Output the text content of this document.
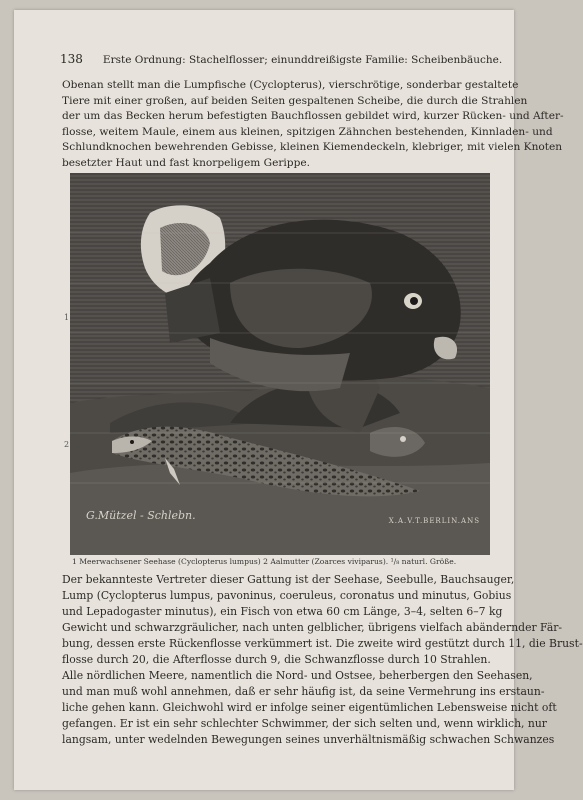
138 Erste Ordnung: Stachelflosser; einunddreißigste Familie: Scheibenbäuche.

Obenan stellt man die Lumpfische (Cyclopterus), vierschrötige, sonderbar gestaltete
Tiere mit einer großen, auf beiden Seiten gespaltenen Scheibe, die durch die Strahlen
der um das Becken herum befestigten Bauchflossen gebildet wird, kurzer Rücken- und After-
flosse, weitem Maule, einem aus kleinen, spitzigen Zähnchen bestehenden, Kinnladen- und
Schlundknochen bewehrenden Gebisse, kleinen Kiemendeckeln, klebriger, mit vielen Knoten
besetzter Haut und fast knorpeligem Gerippe.

1
2
G.Mützel - Schlebn.	X.A.V.T.BERLIN.ANS
1 Meerwachsener Seehase (Cyclopterus lumpus) 2 Aalmutter (Zoarces viviparus). ¹/₈ naturl. Größe.

Der bekannteste Vertreter dieser Gattung ist der Seehase, Seebulle, Bauchsauger,
Lump (Cyclopterus lumpus, pavoninus, coeruleus, coronatus und minutus, Gobius
und Lepadogaster minutus), ein Fisch von etwa 60 cm Länge, 3–4, selten 6–7 kg
Gewicht und schwarzgräulicher, nach unten gelblicher, übrigens vielfach abändernder Fär-
bung, dessen erste Rückenflosse verkümmert ist. Die zweite wird gestützt durch 11, die Brust-
flosse durch 20, die Afterflosse durch 9, die Schwanzflosse durch 10 Strahlen.
Alle nördlichen Meere, namentlich die Nord- und Ostsee, beherbergen den Seehasen,
und man muß wohl annehmen, daß er sehr häufig ist, da seine Vermehrung ins erstaun-
liche gehen kann. Gleichwohl wird er infolge seiner eigentümlichen Lebensweise nicht oft
gefangen. Er ist ein sehr schlechter Schwimmer, der sich selten und, wenn wirklich, nur
langsam, unter wedelnden Bewegungen seines unverhältnismäßig schwachen Schwanzes
